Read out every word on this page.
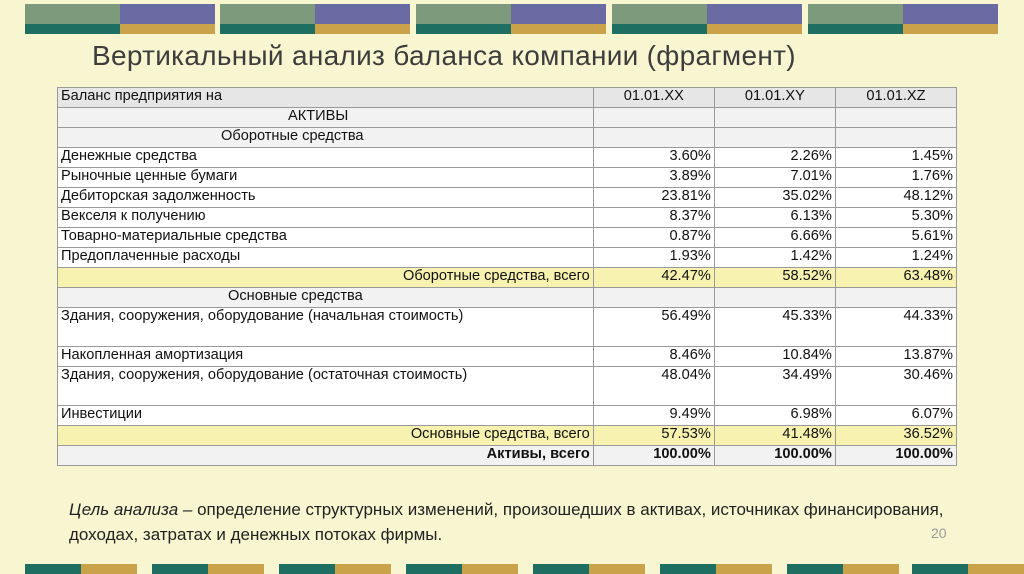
Вертикальный анализ баланса компании (фрагмент)
Баланс предприятия на	01.01.XX	01.01.XY	01.01.XZ
АКТИВЫ			
Оборотные средства			
Денежные средства	3.60%	2.26%	1.45%
Рыночные ценные бумаги	3.89%	7.01%	1.76%
Дебиторская задолженность	23.81%	35.02%	48.12%
Векселя к получению	8.37%	6.13%	5.30%
Товарно-материальные средства	0.87%	6.66%	5.61%
Предоплаченные расходы	1.93%	1.42%	1.24%
Оборотные средства, всего	42.47%	58.52%	63.48%
Основные средства			
Здания, сооружения, оборудование (начальная стоимость)	56.49%	45.33%	44.33%
Накопленная амортизация	8.46%	10.84%	13.87%
Здания, сооружения, оборудование (остаточная стоимость)	48.04%	34.49%	30.46%
Инвестиции	9.49%	6.98%	6.07%
Основные средства, всего	57.53%	41.48%	36.52%
Активы, всего	100.00%	100.00%	100.00%
Цель анализа – определение структурных изменений, произошедших в активах, источниках финансирования, доходах, затратах и денежных потоках фирмы.	20
